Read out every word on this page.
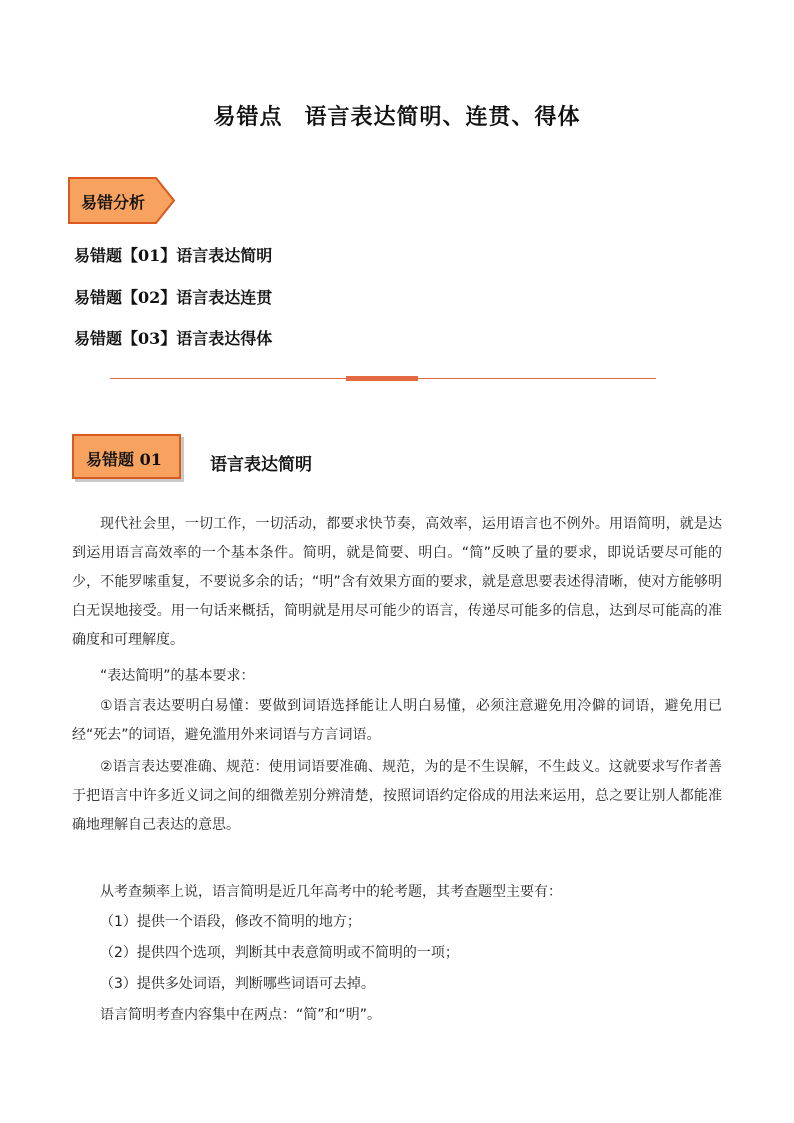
易错点 语言表达简明、连贯、得体
易错分析
易错题【01】语言表达简明
易错题【02】语言表达连贯
易错题【03】语言表达得体
易错题 01	语言表达简明

现代社会里，一切工作，一切活动，都要求快节奏，高效率，运用语言也不例外。用语简明，就是达到运用语言高效率的一个基本条件。简明，就是简要、明白。“简”反映了量的要求，即说话要尽可能的少，不能罗嗦重复，不要说多余的话；“明”含有效果方面的要求，就是意思要表述得清晰，使对方能够明白无误地接受。用一句话来概括，简明就是用尽可能少的语言，传递尽可能多的信息，达到尽可能高的准确度和可理解度。

“表达简明”的基本要求：

①语言表达要明白易懂：要做到词语选择能让人明白易懂，必须注意避免用冷僻的词语，避免用已经“死去”的词语，避免滥用外来词语与方言词语。

②语言表达要准确、规范：使用词语要准确、规范，为的是不生误解，不生歧义。这就要求写作者善于把语言中许多近义词之间的细微差别分辨清楚，按照词语约定俗成的用法来运用，总之要让别人都能准确地理解自己表达的意思。

从考查频率上说，语言简明是近几年高考中的轮考题，其考查题型主要有：
（1）提供一个语段，修改不简明的地方；
（2）提供四个选项，判断其中表意简明或不简明的一项；
（3）提供多处词语，判断哪些词语可去掉。
语言简明考查内容集中在两点：“简”和“明”。
